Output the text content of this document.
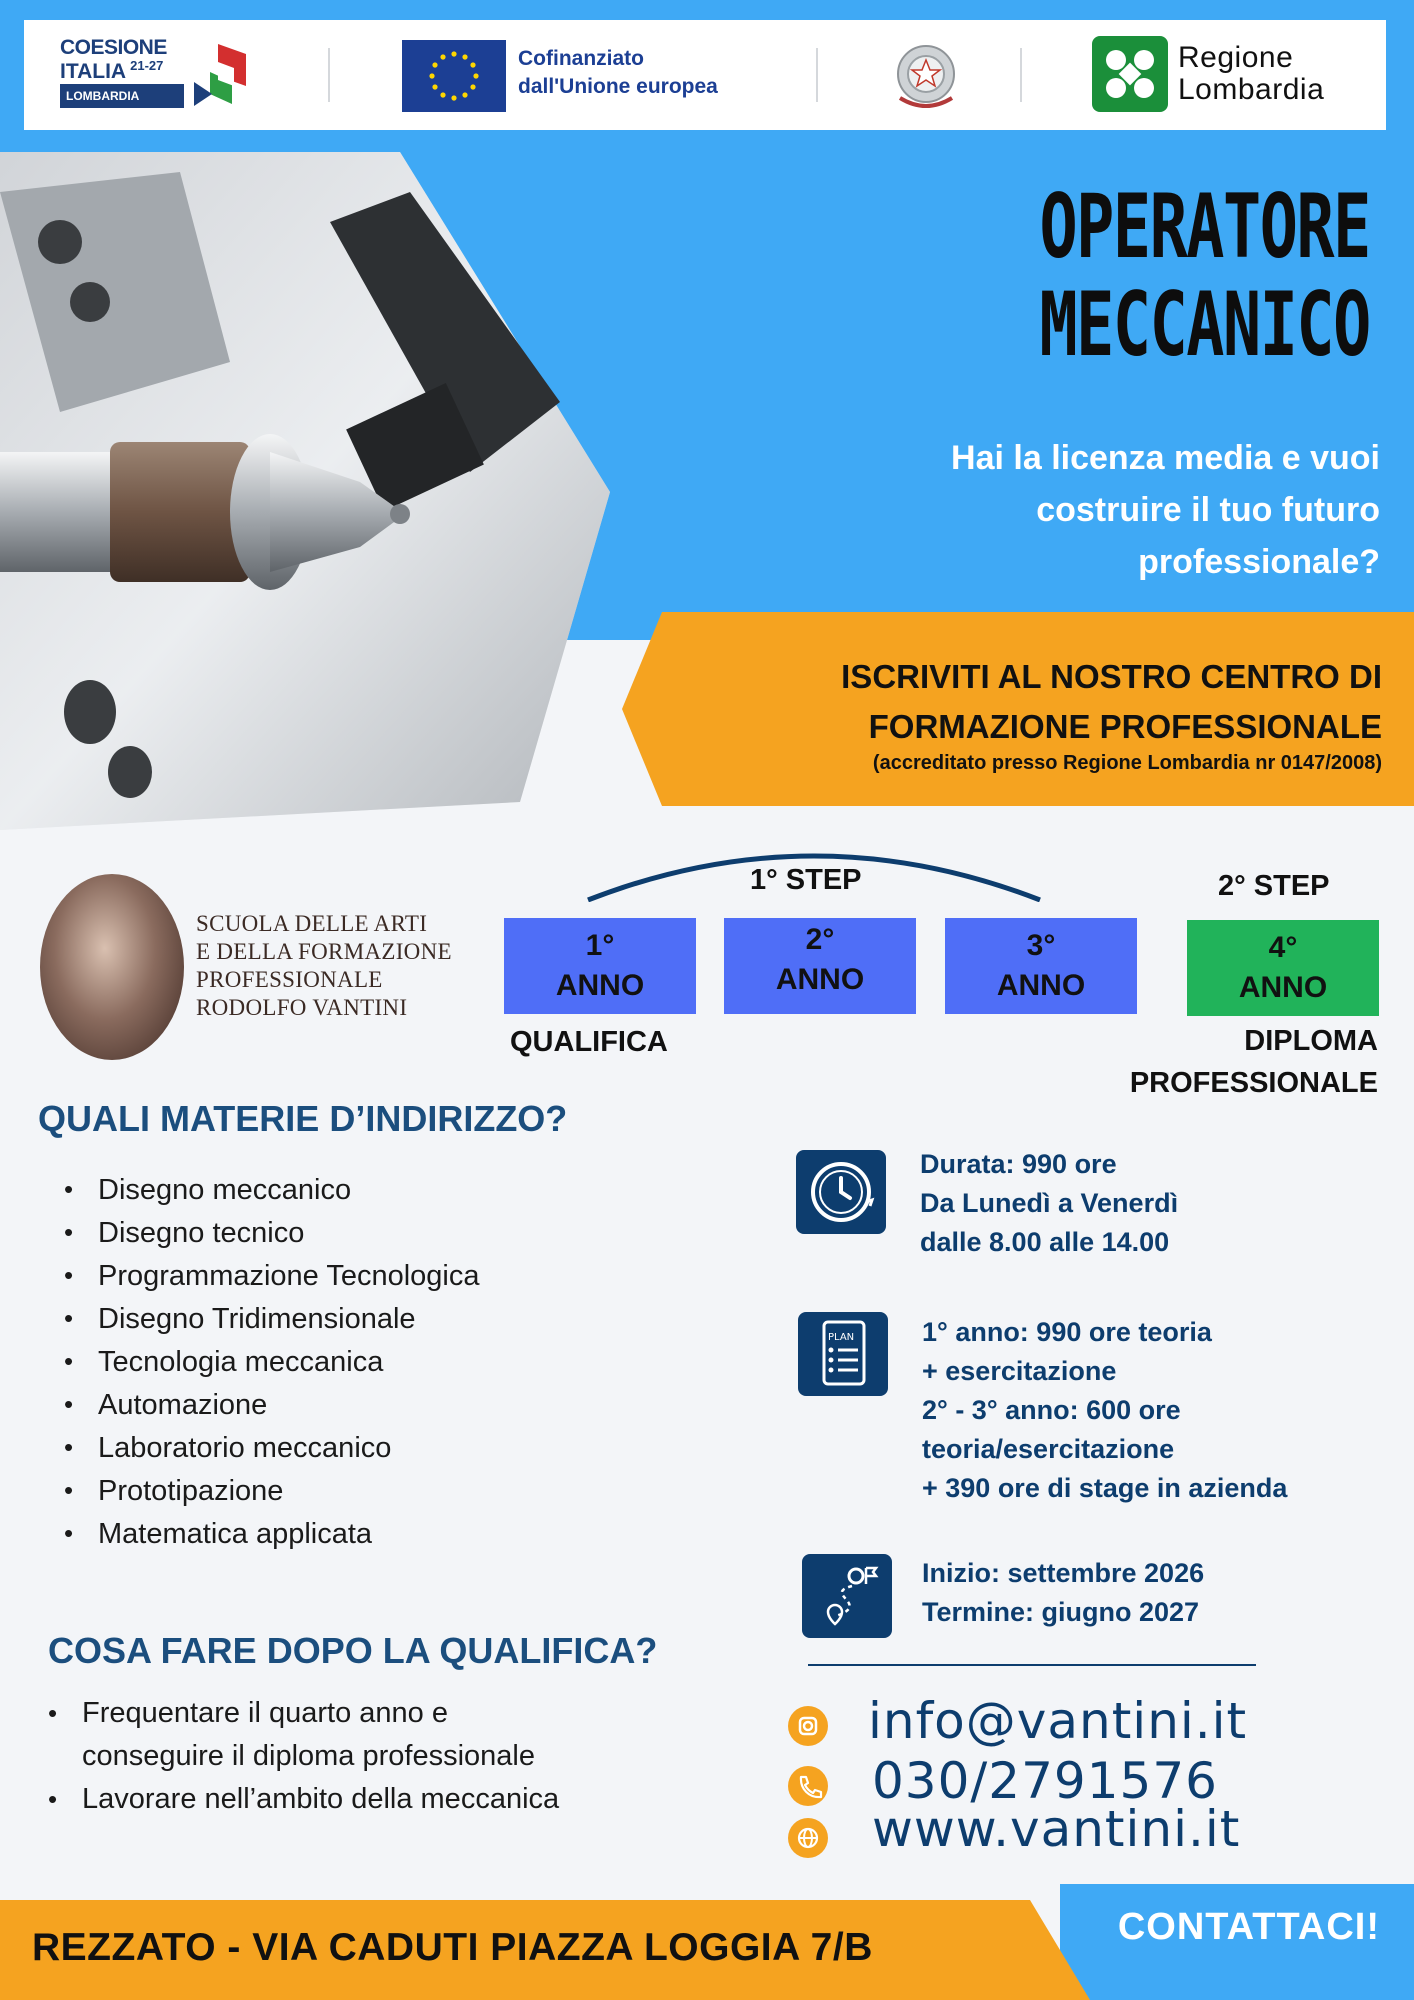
COESIONE
ITALIA $^{21-27}$
LOMBARDIA
Cofinanziato
dall'Unione europea
Regione
Lombardia
OPERATORE
MECCANICO
Hai la licenza media e vuoi
costruire il tuo futuro
professionale?
ISCRIVITI AL NOSTRO CENTRO DI
FORMAZIONE PROFESSIONALE
(accreditato presso Regione Lombardia nr 0147/2008)
SCUOLA DELLE ARTI
E DELLA FORMAZIONE
PROFESSIONALE
RODOLFO VANTINI
1° STEP	2° STEP
1°
ANNO
2°
ANNO
3°
ANNO
4°
ANNO
QUALIFICA	DIPLOMA
PROFESSIONALE
QUALI MATERIE D’INDIRIZZO?
• Disegno meccanico
• Disegno tecnico
• Programmazione Tecnologica
• Disegno Tridimensionale
• Tecnologia meccanica
• Automazione
• Laboratorio meccanico
• Prototipazione
• Matematica applicata
COSA FARE DOPO LA QUALIFICA?
• Frequentare il quarto anno e
conseguire il diploma professionale
• Lavorare nell’ambito della meccanica
Durata: 990 ore
Da Lunedì a Venerdì
dalle 8.00 alle 14.00
PLAN	1° anno: 990 ore teoria
+ esercitazione
2° - 3° anno: 600 ore
teoria/esercitazione
+ 390 ore di stage in azienda
Inizio: settembre 2026
Termine: giugno 2027
info@vantini.it
030/2791576
www.vantini.it
REZZATO - VIA CADUTI PIAZZA LOGGIA 7/B	CONTATTACI!
